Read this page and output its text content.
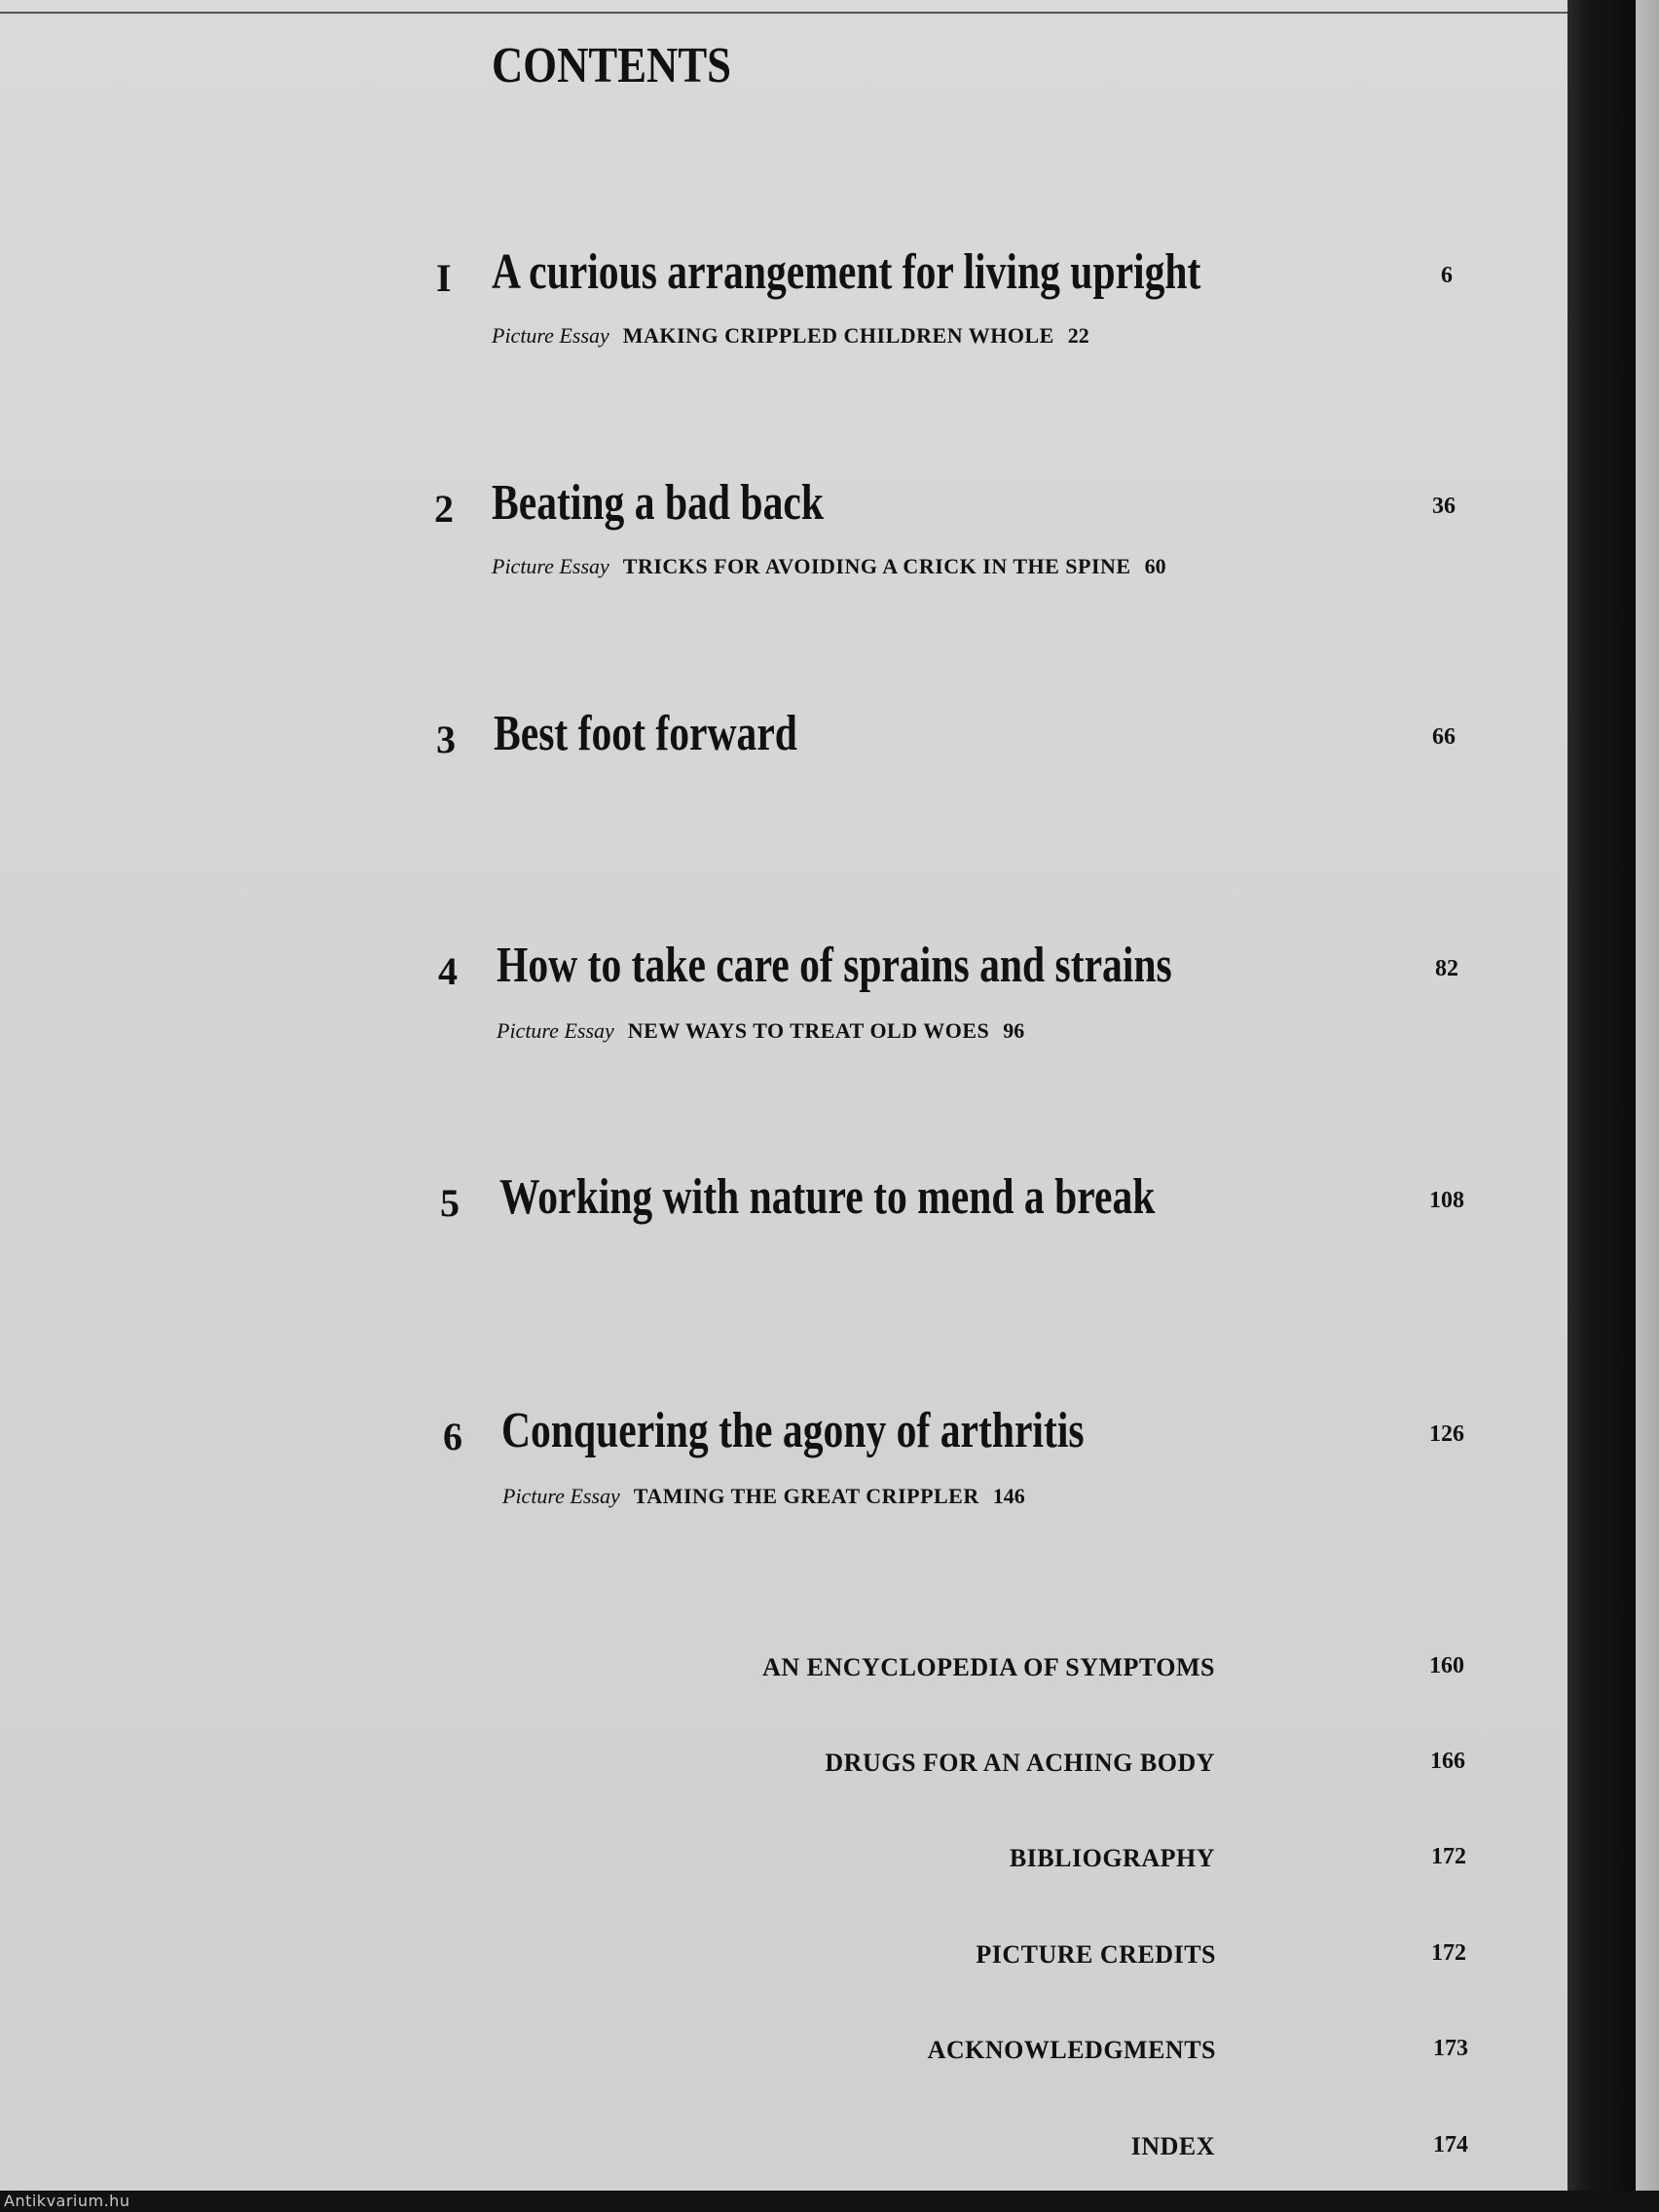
CONTENTS
I A curious arrangement for living upright	6
Picture Essay MAKING CRIPPLED CHILDREN WHOLE 22
2 Beating a bad back	36
Picture Essay TRICKS FOR AVOIDING A CRICK IN THE SPINE 60
3 Best foot forward	66
4 How to take care of sprains and strains	82
Picture Essay NEW WAYS TO TREAT OLD WOES 96
5 Working with nature to mend a break	108
6 Conquering the agony of arthritis	126
Picture Essay TAMING THE GREAT CRIPPLER 146
AN ENCYCLOPEDIA OF SYMPTOMS	160
DRUGS FOR AN ACHING BODY	166
BIBLIOGRAPHY	172
PICTURE CREDITS	172
ACKNOWLEDGMENTS	173
INDEX	174
Antikvarium.hu
